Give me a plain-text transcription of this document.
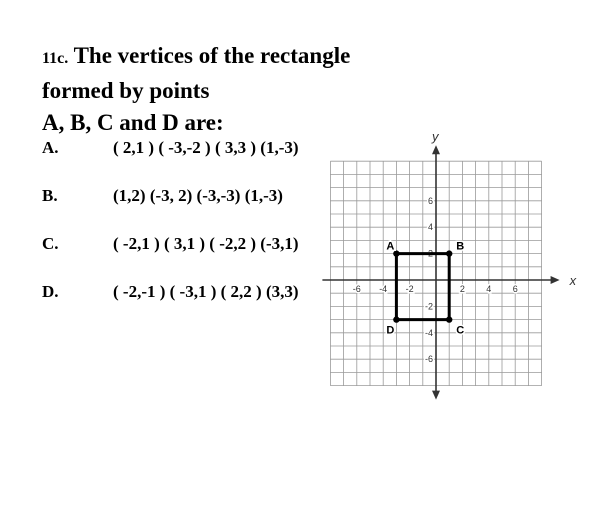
11c. The vertices of the rectangle
formed by points
A, B, C and D are:
A.	( 2,1 ) ( -3,-2 ) ( 3,3 ) (1,-3)
B.	(1,2) (-3, 2) (-3,-3) (1,-3)
C.	( -2,1 ) ( 3,1 ) ( -2,2 ) (-3,1)
D.	( -2,-1 ) ( -3,1 ) ( 2,2 ) (3,3)
x
y
-6 -4 -2	2 4 6
6
4
2
-2
-4
-6
A	B
C
D
